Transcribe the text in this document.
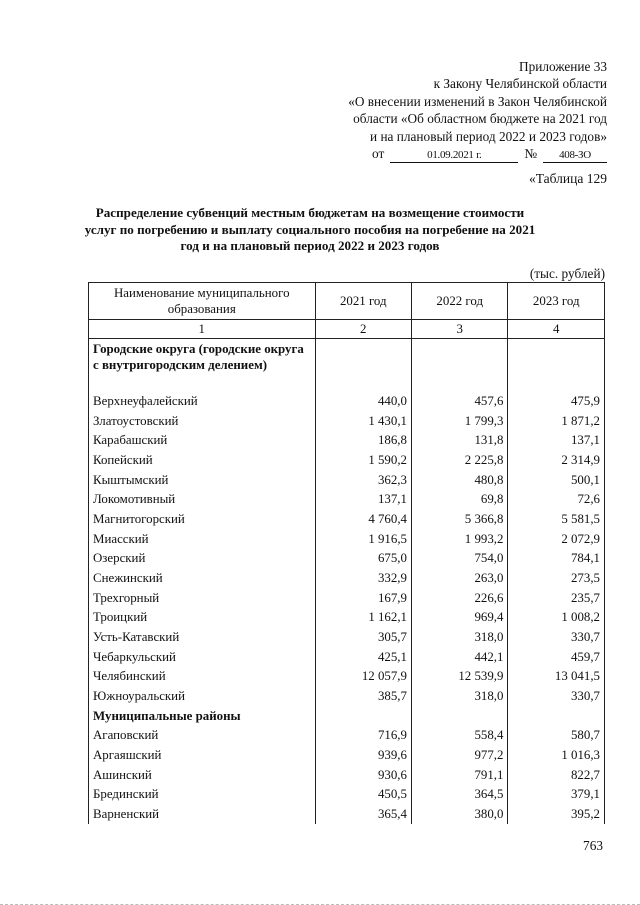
Приложение 33
к Закону Челябинской области
«О внесении изменений в Закон Челябинской
области «Об областном бюджете на 2021 год
и на плановый период 2022 и 2023 годов»
от	01.09.2021 г.	№	408-ЗО
«Таблица 129
Распределение субвенций местным бюджетам на возмещение стоимости услуг по погребению и выплату социального пособия на погребение на 2021 год и на плановый период 2022 и 2023 годов
(тыс. рублей)
Наименование муниципального образования	2021 год	2022 год	2023 год
1	2	3	4
Городские округа (городские округа с внутригородским делением)			
Верхнеуфалейский	440,0	457,6	475,9
Златоустовский	1 430,1	1 799,3	1 871,2
Карабашский	186,8	131,8	137,1
Копейский	1 590,2	2 225,8	2 314,9
Кыштымский	362,3	480,8	500,1
Локомотивный	137,1	69,8	72,6
Магнитогорский	4 760,4	5 366,8	5 581,5
Миасский	1 916,5	1 993,2	2 072,9
Озерский	675,0	754,0	784,1
Снежинский	332,9	263,0	273,5
Трехгорный	167,9	226,6	235,7
Троицкий	1 162,1	969,4	1 008,2
Усть-Катавский	305,7	318,0	330,7
Чебаркульский	425,1	442,1	459,7
Челябинский	12 057,9	12 539,9	13 041,5
Южноуральский	385,7	318,0	330,7
Муниципальные районы			
Агаповский	716,9	558,4	580,7
Аргаяшский	939,6	977,2	1 016,3
Ашинский	930,6	791,1	822,7
Брединский	450,5	364,5	379,1
Варненский	365,4	380,0	395,2
763
